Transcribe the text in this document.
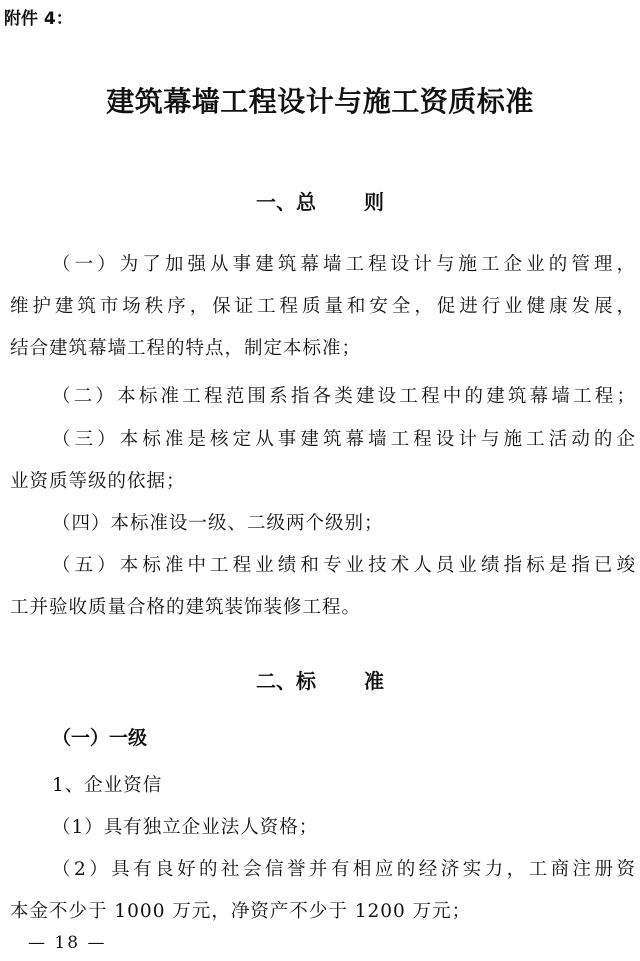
附件 4：
建筑幕墙工程设计与施工资质标准
一、总 则
（一）为了加强从事建筑幕墙工程设计与施工企业的管理，
维护建筑市场秩序，保证工程质量和安全，促进行业健康发展，
结合建筑幕墙工程的特点，制定本标准；
（二）本标准工程范围系指各类建设工程中的建筑幕墙工程；
（三）本标准是核定从事建筑幕墙工程设计与施工活动的企
业资质等级的依据；
（四）本标准设一级、二级两个级别；
（五）本标准中工程业绩和专业技术人员业绩指标是指已竣
工并验收质量合格的建筑装饰装修工程。
二、标 准
（一）一级
1、企业资信
（1）具有独立企业法人资格；
（2）具有良好的社会信誉并有相应的经济实力，工商注册资
本金不少于 1000 万元，净资产不少于 1200 万元；
— 18 —
